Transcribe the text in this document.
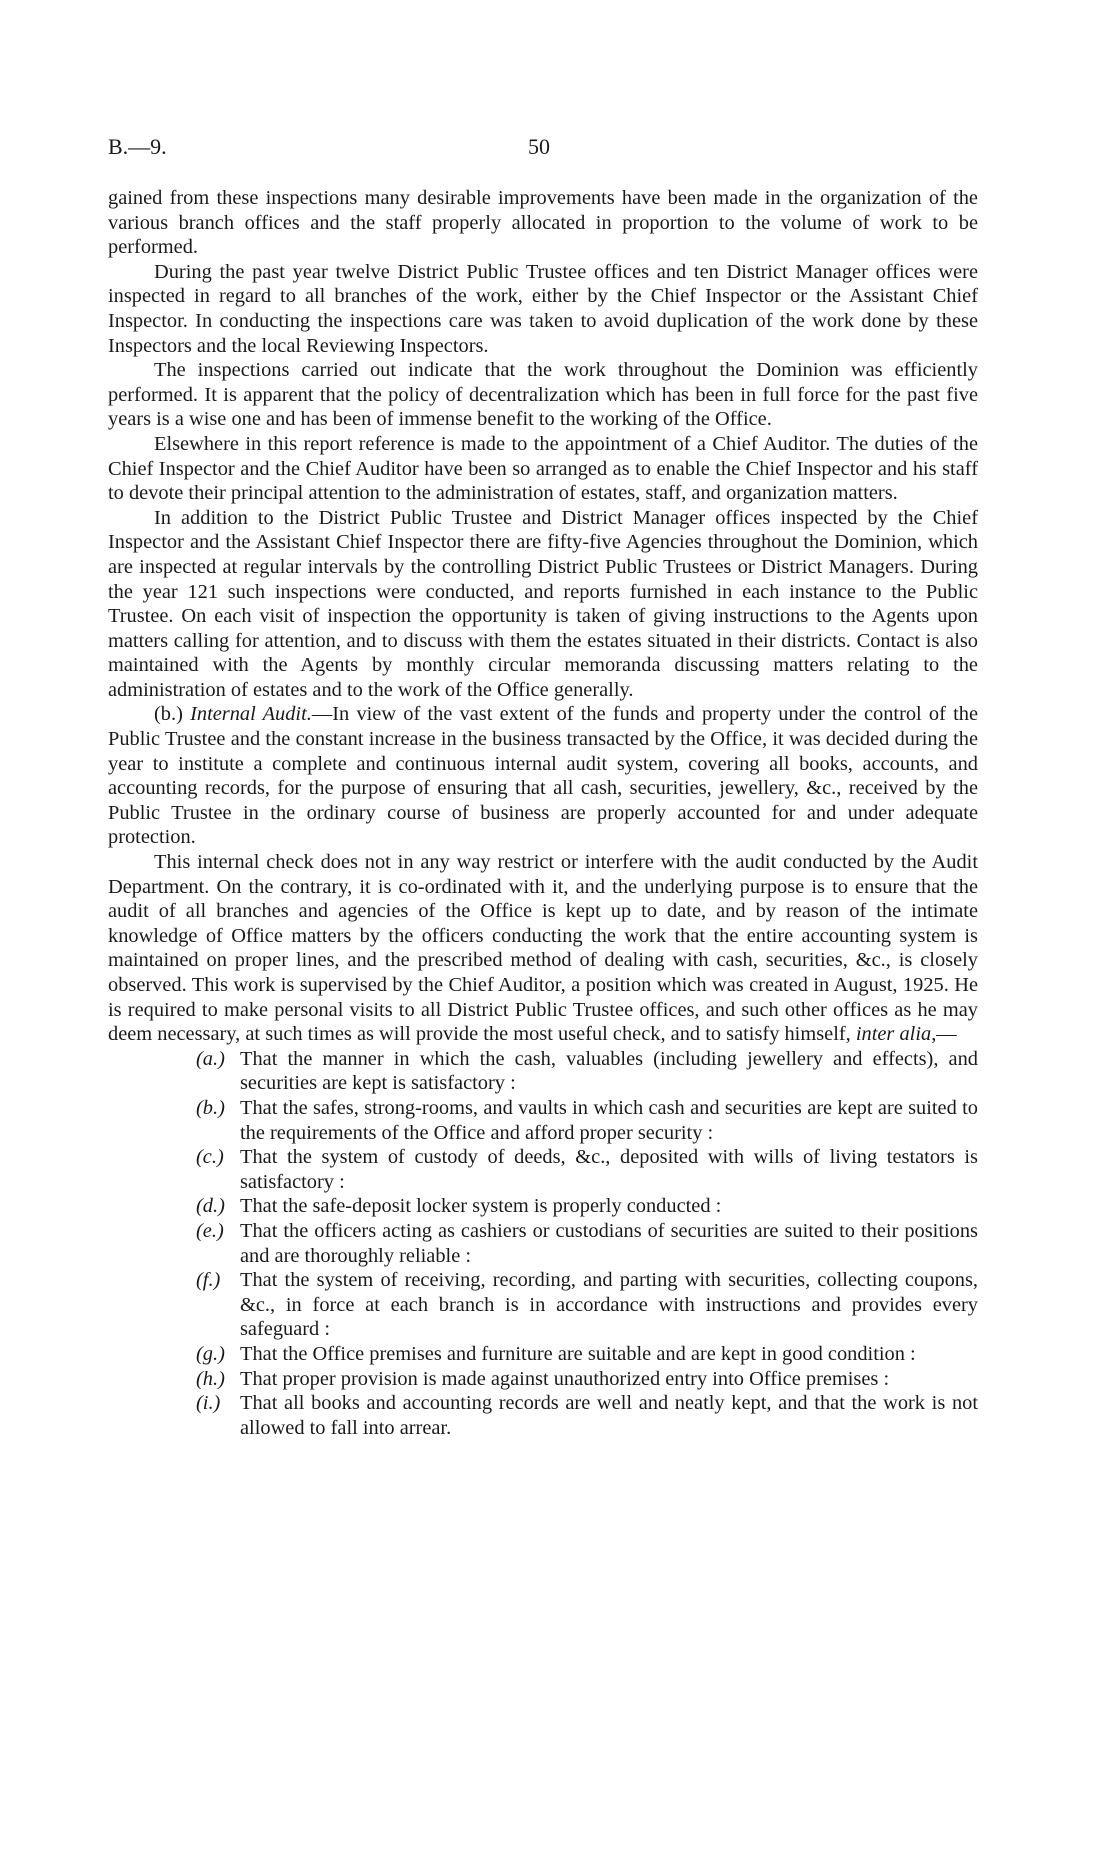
B.—9.	50

gained from these inspections many desirable improvements have been made in the organization of the various branch offices and the staff properly allocated in proportion to the volume of work to be performed.

During the past year twelve District Public Trustee offices and ten District Manager offices were inspected in regard to all branches of the work, either by the Chief Inspector or the Assistant Chief Inspector. In conducting the inspections care was taken to avoid duplication of the work done by these Inspectors and the local Reviewing Inspectors.

The inspections carried out indicate that the work throughout the Dominion was efficiently performed. It is apparent that the policy of decentralization which has been in full force for the past five years is a wise one and has been of immense benefit to the working of the Office.

Elsewhere in this report reference is made to the appointment of a Chief Auditor. The duties of the Chief Inspector and the Chief Auditor have been so arranged as to enable the Chief Inspector and his staff to devote their principal attention to the administration of estates, staff, and organization matters.

In addition to the District Public Trustee and District Manager offices inspected by the Chief Inspector and the Assistant Chief Inspector there are fifty-five Agencies throughout the Dominion, which are inspected at regular intervals by the controlling District Public Trustees or District Managers. During the year 121 such inspections were conducted, and reports furnished in each instance to the Public Trustee. On each visit of inspection the opportunity is taken of giving instructions to the Agents upon matters calling for attention, and to discuss with them the estates situated in their districts. Contact is also maintained with the Agents by monthly circular memoranda discussing matters relating to the administration of estates and to the work of the Office generally.

(b.) Internal Audit.—In view of the vast extent of the funds and property under the control of the Public Trustee and the constant increase in the business transacted by the Office, it was decided during the year to institute a complete and continuous internal audit system, covering all books, accounts, and accounting records, for the purpose of ensuring that all cash, securities, jewellery, &c., received by the Public Trustee in the ordinary course of business are properly accounted for and under adequate protection.

This internal check does not in any way restrict or interfere with the audit conducted by the Audit Department. On the contrary, it is co-ordinated with it, and the underlying purpose is to ensure that the audit of all branches and agencies of the Office is kept up to date, and by reason of the intimate knowledge of Office matters by the officers conducting the work that the entire accounting system is maintained on proper lines, and the prescribed method of dealing with cash, securities, &c., is closely observed. This work is supervised by the Chief Auditor, a position which was created in August, 1925. He is required to make personal visits to all District Public Trustee offices, and such other offices as he may deem necessary, at such times as will provide the most useful check, and to satisfy himself, inter alia,—

(a.) That the manner in which the cash, valuables (including jewellery and effects), and securities are kept is satisfactory :
(b.) That the safes, strong-rooms, and vaults in which cash and securities are kept are suited to the requirements of the Office and afford proper security :
(c.) That the system of custody of deeds, &c., deposited with wills of living testators is satisfactory :
(d.) That the safe-deposit locker system is properly conducted :
(e.) That the officers acting as cashiers or custodians of securities are suited to their positions and are thoroughly reliable :
(f.) That the system of receiving, recording, and parting with securities, collecting coupons, &c., in force at each branch is in accordance with instructions and provides every safeguard :
(g.) That the Office premises and furniture are suitable and are kept in good condition :
(h.) That proper provision is made against unauthorized entry into Office premises :
(i.) That all books and accounting records are well and neatly kept, and that the work is not allowed to fall into arrear.
